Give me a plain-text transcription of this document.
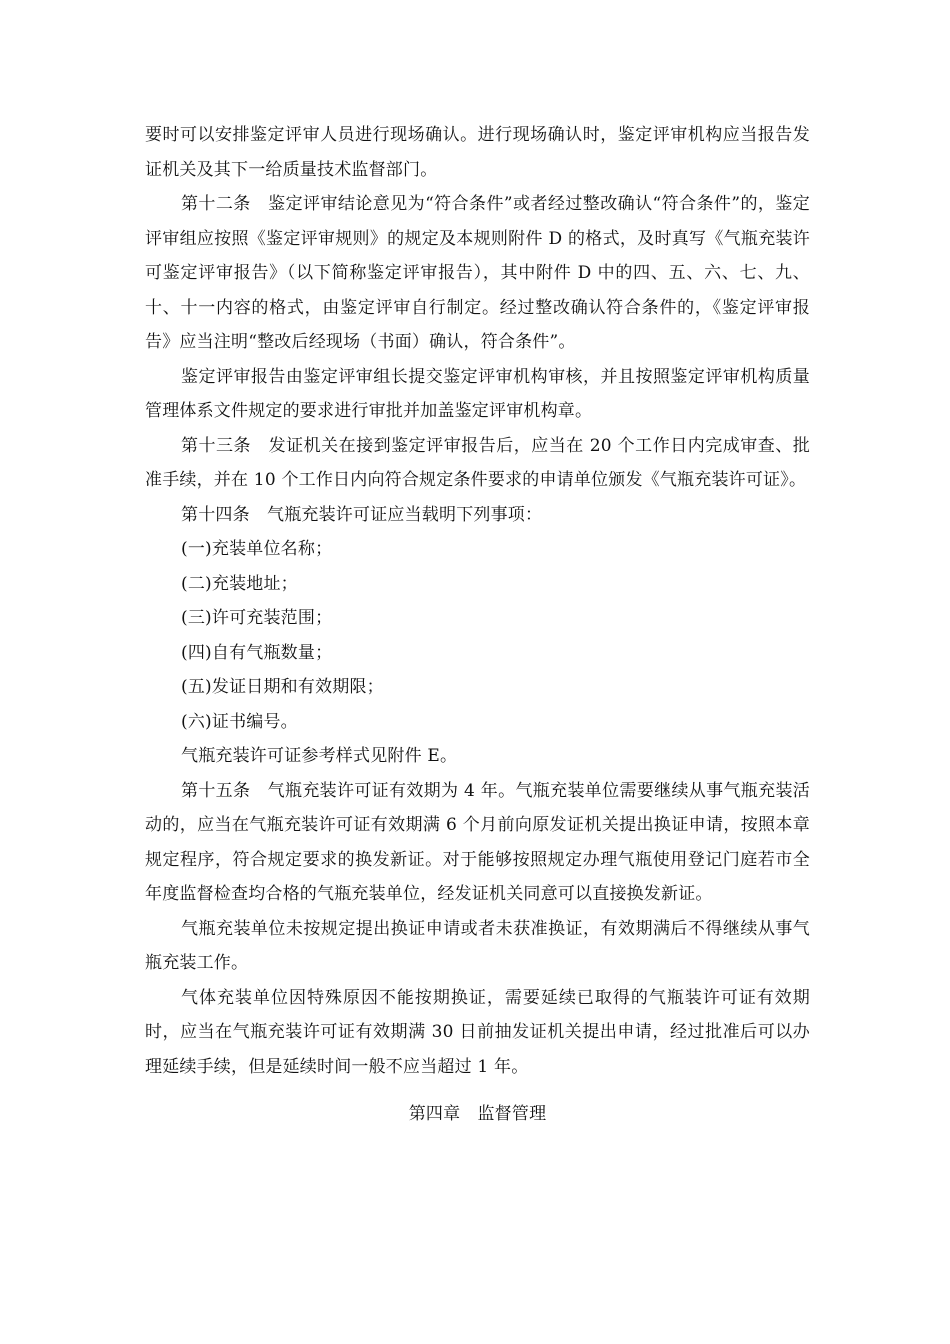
要时可以安排鉴定评审人员进行现场确认。进行现场确认时，鉴定评审机构应当报告发证机关及其下一给质量技术监督部门。

第十二条　鉴定评审结论意见为“符合条件”或者经过整改确认“符合条件”的，鉴定评审组应按照《鉴定评审规则》的规定及本规则附件 D 的格式，及时真写《气瓶充装许可鉴定评审报告》（以下简称鉴定评审报告），其中附件 D 中的四、五、六、七、九、十、十一内容的格式，由鉴定评审自行制定。经过整改确认符合条件的，《鉴定评审报告》应当注明“整改后经现场（书面）确认，符合条件”。

鉴定评审报告由鉴定评审组长提交鉴定评审机构审核，并且按照鉴定评审机构质量管理体系文件规定的要求进行审批并加盖鉴定评审机构章。

第十三条　发证机关在接到鉴定评审报告后，应当在 20 个工作日内完成审查、批准手续，并在 10 个工作日内向符合规定条件要求的申请单位颁发《气瓶充装许可证》。

第十四条　气瓶充装许可证应当载明下列事项：

(一)充装单位名称；

(二)充装地址；

(三)许可充装范围；

(四)自有气瓶数量；

(五)发证日期和有效期限；

(六)证书编号。

气瓶充装许可证参考样式见附件 E。

第十五条　气瓶充装许可证有效期为 4 年。气瓶充装单位需要继续从事气瓶充装活动的，应当在气瓶充装许可证有效期满 6 个月前向原发证机关提出换证申请，按照本章规定程序，符合规定要求的换发新证。对于能够按照规定办理气瓶使用登记门庭若市全年度监督检查均合格的气瓶充装单位，经发证机关同意可以直接换发新证。

气瓶充装单位未按规定提出换证申请或者未获准换证，有效期满后不得继续从事气瓶充装工作。

气体充装单位因特殊原因不能按期换证，需要延续已取得的气瓶装许可证有效期时，应当在气瓶充装许可证有效期满 30 日前抽发证机关提出申请，经过批准后可以办理延续手续，但是延续时间一般不应当超过 1 年。

第四章　监督管理
